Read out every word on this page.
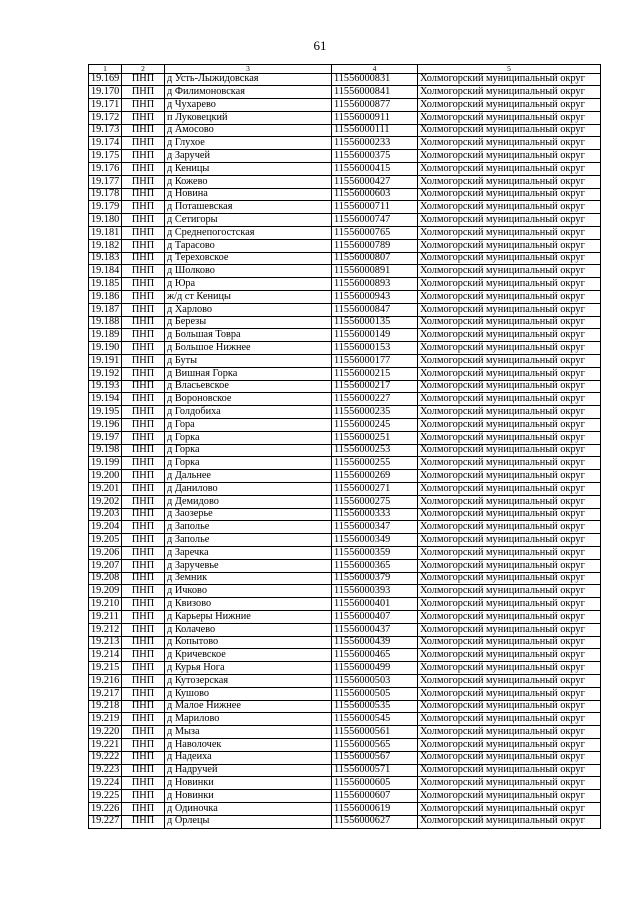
61
1	2	3	4	5
19.169	ПНП	д Усть-Лыжидовская	11556000831	Холмогорский муниципальный округ
19.170	ПНП	д Филимоновская	11556000841	Холмогорский муниципальный округ
19.171	ПНП	д Чухарево	11556000877	Холмогорский муниципальный округ
19.172	ПНП	п Луковецкий	11556000911	Холмогорский муниципальный округ
19.173	ПНП	д Амосово	11556000111	Холмогорский муниципальный округ
19.174	ПНП	д Глухое	11556000233	Холмогорский муниципальный округ
19.175	ПНП	д Заручей	11556000375	Холмогорский муниципальный округ
19.176	ПНП	д Кеницы	11556000415	Холмогорский муниципальный округ
19.177	ПНП	д Кожево	11556000427	Холмогорский муниципальный округ
19.178	ПНП	д Новина	11556000603	Холмогорский муниципальный округ
19.179	ПНП	д Поташевская	11556000711	Холмогорский муниципальный округ
19.180	ПНП	д Сетигоры	11556000747	Холмогорский муниципальный округ
19.181	ПНП	д Среднепогостская	11556000765	Холмогорский муниципальный округ
19.182	ПНП	д Тарасово	11556000789	Холмогорский муниципальный округ
19.183	ПНП	д Тереховское	11556000807	Холмогорский муниципальный округ
19.184	ПНП	д Шолково	11556000891	Холмогорский муниципальный округ
19.185	ПНП	д Юра	11556000893	Холмогорский муниципальный округ
19.186	ПНП	ж/д ст Кеницы	11556000943	Холмогорский муниципальный округ
19.187	ПНП	д Харлово	11556000847	Холмогорский муниципальный округ
19.188	ПНП	д Березы	11556000135	Холмогорский муниципальный округ
19.189	ПНП	д Большая Товра	11556000149	Холмогорский муниципальный округ
19.190	ПНП	д Большое Нижнее	11556000153	Холмогорский муниципальный округ
19.191	ПНП	д Буты	11556000177	Холмогорский муниципальный округ
19.192	ПНП	д Вишная Горка	11556000215	Холмогорский муниципальный округ
19.193	ПНП	д Власьевское	11556000217	Холмогорский муниципальный округ
19.194	ПНП	д Вороновское	11556000227	Холмогорский муниципальный округ
19.195	ПНП	д Голдобиха	11556000235	Холмогорский муниципальный округ
19.196	ПНП	д Гора	11556000245	Холмогорский муниципальный округ
19.197	ПНП	д Горка	11556000251	Холмогорский муниципальный округ
19.198	ПНП	д Горка	11556000253	Холмогорский муниципальный округ
19.199	ПНП	д Горка	11556000255	Холмогорский муниципальный округ
19.200	ПНП	д Дальнее	11556000269	Холмогорский муниципальный округ
19.201	ПНП	д Данилово	11556000271	Холмогорский муниципальный округ
19.202	ПНП	д Демидово	11556000275	Холмогорский муниципальный округ
19.203	ПНП	д Заозерье	11556000333	Холмогорский муниципальный округ
19.204	ПНП	д Заполье	11556000347	Холмогорский муниципальный округ
19.205	ПНП	д Заполье	11556000349	Холмогорский муниципальный округ
19.206	ПНП	д Заречка	11556000359	Холмогорский муниципальный округ
19.207	ПНП	д Заручевье	11556000365	Холмогорский муниципальный округ
19.208	ПНП	д Земник	11556000379	Холмогорский муниципальный округ
19.209	ПНП	д Ичково	11556000393	Холмогорский муниципальный округ
19.210	ПНП	д Квизово	11556000401	Холмогорский муниципальный округ
19.211	ПНП	д Карьеры Нижние	11556000407	Холмогорский муниципальный округ
19.212	ПНП	д Колачево	11556000437	Холмогорский муниципальный округ
19.213	ПНП	д Копытово	11556000439	Холмогорский муниципальный округ
19.214	ПНП	д Кричевское	11556000465	Холмогорский муниципальный округ
19.215	ПНП	д Курья Нога	11556000499	Холмогорский муниципальный округ
19.216	ПНП	д Кутозерская	11556000503	Холмогорский муниципальный округ
19.217	ПНП	д Кушово	11556000505	Холмогорский муниципальный округ
19.218	ПНП	д Малое Нижнее	11556000535	Холмогорский муниципальный округ
19.219	ПНП	д Марилово	11556000545	Холмогорский муниципальный округ
19.220	ПНП	д Мыза	11556000561	Холмогорский муниципальный округ
19.221	ПНП	д Наволочек	11556000565	Холмогорский муниципальный округ
19.222	ПНП	д Надеиха	11556000567	Холмогорский муниципальный округ
19.223	ПНП	д Надручей	11556000571	Холмогорский муниципальный округ
19.224	ПНП	д Новинки	11556000605	Холмогорский муниципальный округ
19.225	ПНП	д Новинки	11556000607	Холмогорский муниципальный округ
19.226	ПНП	д Одиночка	11556000619	Холмогорский муниципальный округ
19.227	ПНП	д Орлецы	11556000627	Холмогорский муниципальный округ
